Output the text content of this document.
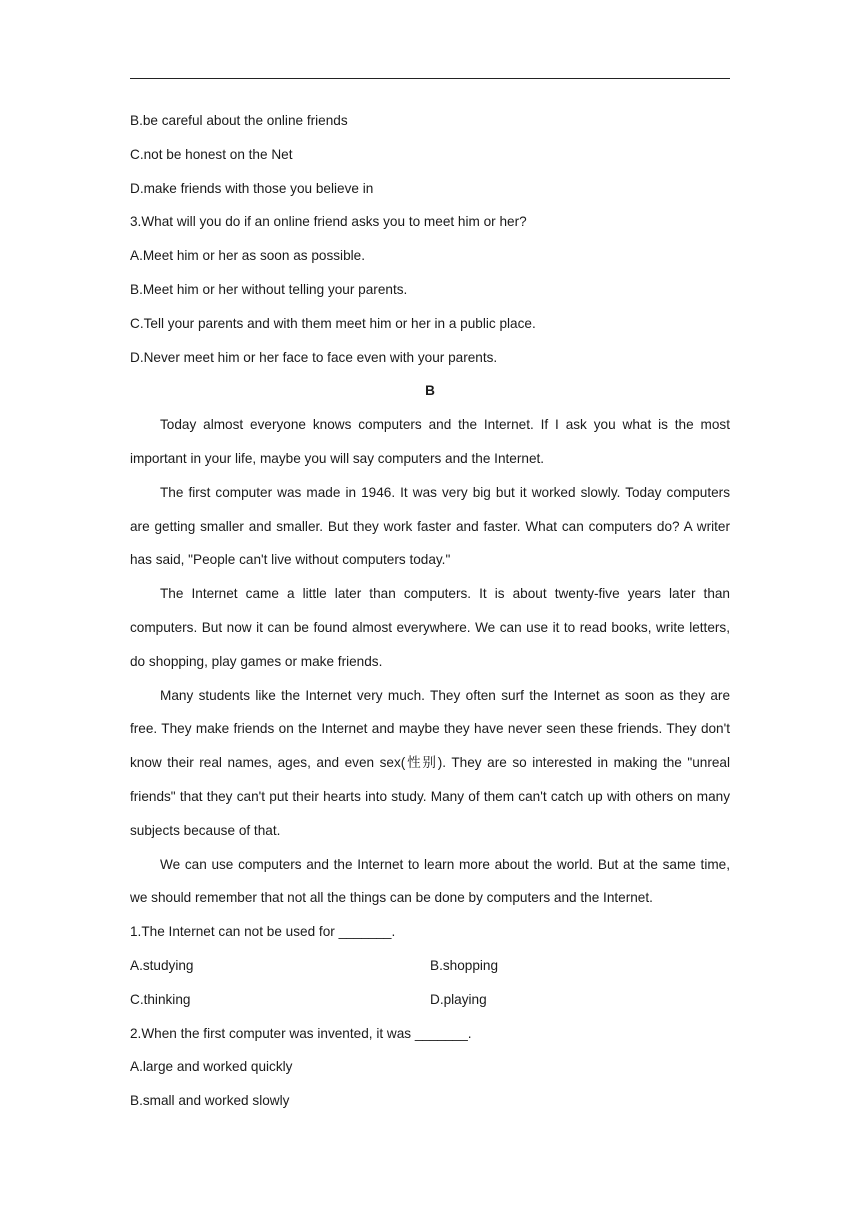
B.be careful about the online friends

C.not be honest on the Net

D.make friends with those you believe in

3.What will you do if an online friend asks you to meet him or her?

A.Meet him or her as soon as possible.

B.Meet him or her without telling your parents.

C.Tell your parents and with them meet him or her in a public place.

D.Never meet him or her face to face even with your parents.

B

Today almost everyone knows computers and the Internet. If I ask you what is the most important in your life, maybe you will say computers and the Internet.

The first computer was made in 1946. It was very big but it worked slowly. Today computers are getting smaller and smaller. But they work faster and faster. What can computers do? A writer has said, "People can't live without computers today."

The Internet came a little later than computers. It is about twenty-five years later than computers. But now it can be found almost everywhere. We can use it to read books, write letters, do shopping, play games or make friends.

Many students like the Internet very much. They often surf the Internet as soon as they are free. They make friends on the Internet and maybe they have never seen these friends. They don't know their real names, ages, and even sex(性别). They are so interested in making the "unreal friends" that they can't put their hearts into study. Many of them can't catch up with others on many subjects because of that.

We can use computers and the Internet to learn more about the world. But at the same time, we should remember that not all the things can be done by computers and the Internet.

1.The Internet can not be used for _______.

A.studying	B.shopping
C.thinking	D.playing

2.When the first computer was invented, it was _______.

A.large and worked quickly

B.small and worked slowly
